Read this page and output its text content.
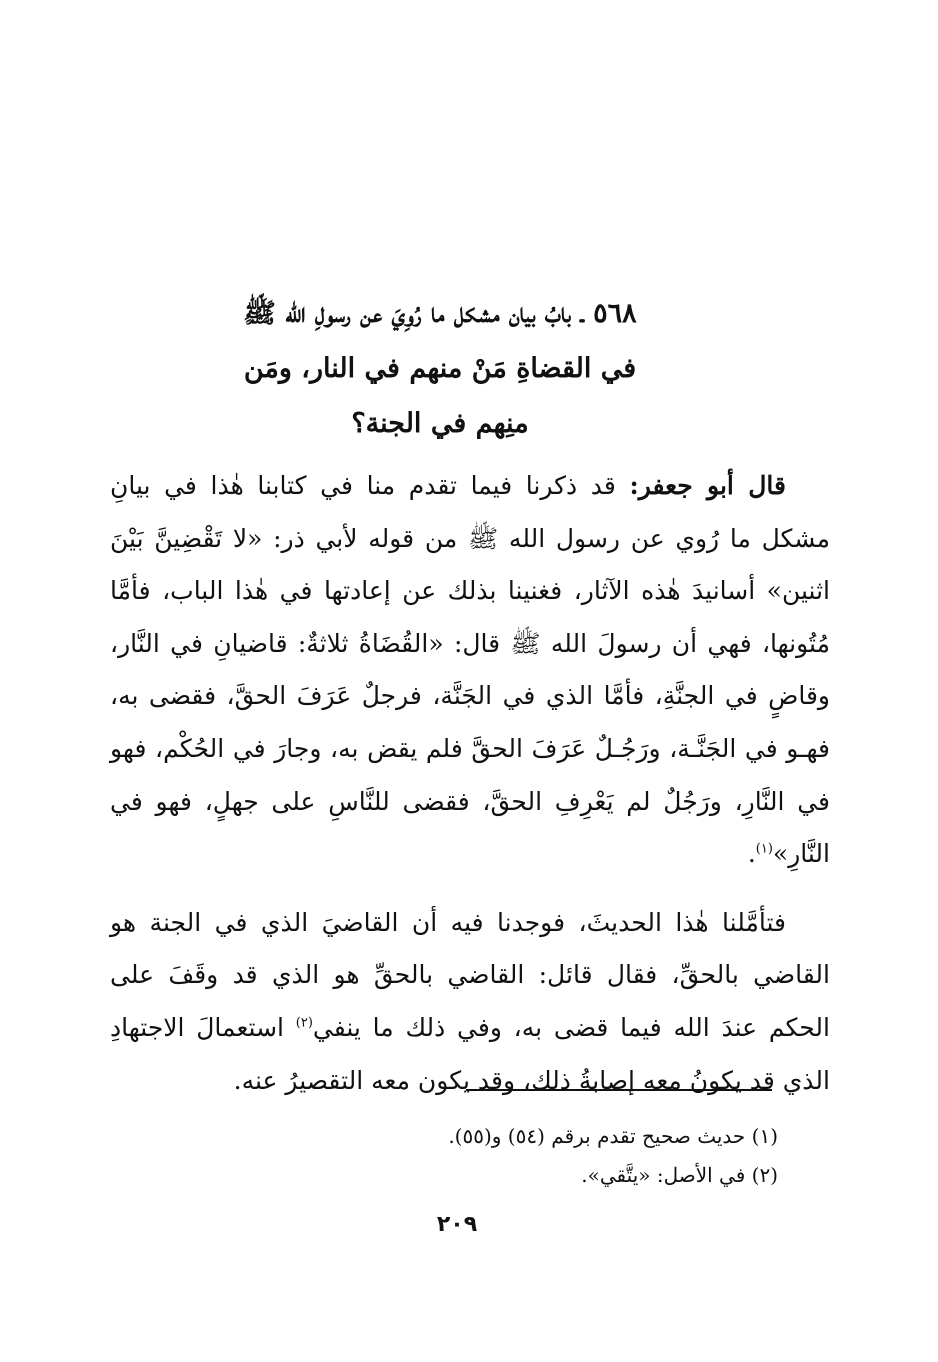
٥٦٨ ـ بابُ بيان مشكل ما رُوِيَ عن رسولِ الله ﷺ
في القضاةِ مَنْ منهم في النار، ومَن
منِهم في الجنة؟

قال أبو جعفر: قد ذكرنا فيما تقدم منا في كتابنا هٰذا في بيانِ مشكل ما رُوي عن رسول الله ﷺ من قوله لأبي ذر: «لا تَقْضِينَّ بَيْنَ اثنين» أسانيدَ هٰذه الآثار، فغنينا بذلك عن إعادتها في هٰذا الباب، فأمَّا مُتُونها، فهي أن رسولَ الله ﷺ قال: «القُضَاةُ ثلاثةٌ: قاضيانِ في النَّار، وقاضٍ في الجنَّةِ، فأمَّا الذي في الجَنَّة، فرجلٌ عَرَفَ الحقَّ، فقضى به، فهـو في الجَنَّـة، ورَجُـلٌ عَرَفَ الحقَّ فلم يقض به، وجارَ في الحُكْم، فهو في النَّارِ، ورَجُلٌ لم يَعْرِفِ الحقَّ، فقضى للنَّاسِ على جهلٍ، فهو في النَّارِ»$^{(١)}$.

فتأمَّلنا هٰذا الحديثَ، فوجدنا فيه أن القاضيَ الذي في الجنة هو القاضي بالحقِّ، فقال قائل: القاضي بالحقِّ هو الذي قد وقَفَ على الحكم عندَ الله فيما قضى به، وفي ذلك ما ينفي$^{(٢)}$ استعمالَ الاجتهادِ الذي قد يكونُ معه إصابةُ ذلك، وقد يكون معه التقصيرُ عنه.

(١) حديث صحيح تقدم برقم (٥٤) و(٥٥).
(٢) في الأصل: «يتَّقي».
٢٠٩
